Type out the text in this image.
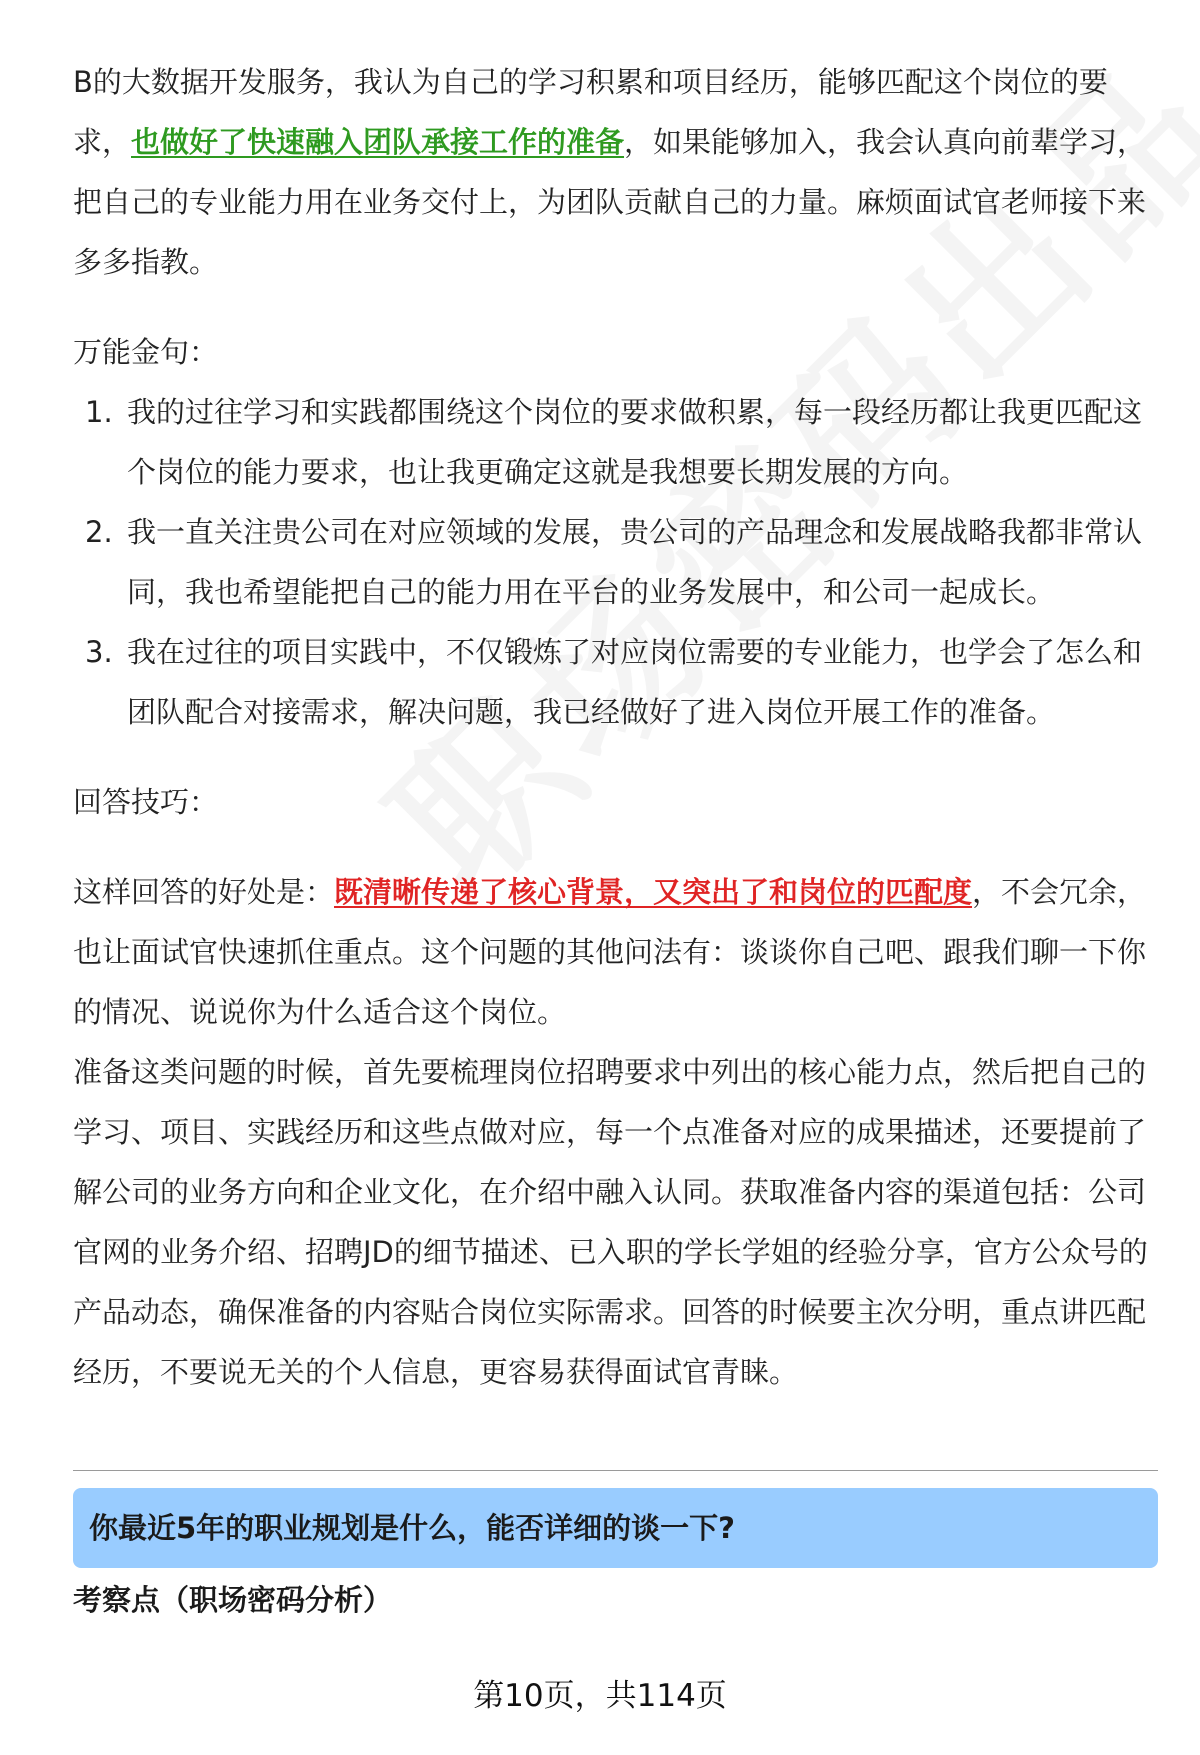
B的大数据开发服务，我认为自己的学习积累和项目经历，能够匹配这个岗位的要求，也做好了快速融入团队承接工作的准备，如果能够加入，我会认真向前辈学习，把自己的专业能力用在业务交付上，为团队贡献自己的力量。麻烦面试官老师接下来多多指教。

万能金句：

1. 我的过往学习和实践都围绕这个岗位的要求做积累，每一段经历都让我更匹配这个岗位的能力要求，也让我更确定这就是我想要长期发展的方向。
2. 我一直关注贵公司在对应领域的发展，贵公司的产品理念和发展战略我都非常认同，我也希望能把自己的能力用在平台的业务发展中，和公司一起成长。
3. 我在过往的项目实践中，不仅锻炼了对应岗位需要的专业能力，也学会了怎么和团队配合对接需求，解决问题，我已经做好了进入岗位开展工作的准备。

回答技巧：

这样回答的好处是：既清晰传递了核心背景，又突出了和岗位的匹配度，不会冗余，也让面试官快速抓住重点。这个问题的其他问法有：谈谈你自己吧、跟我们聊一下你的情况、说说你为什么适合这个岗位。

准备这类问题的时候，首先要梳理岗位招聘要求中列出的核心能力点，然后把自己的学习、项目、实践经历和这些点做对应，每一个点准备对应的成果描述，还要提前了解公司的业务方向和企业文化，在介绍中融入认同。获取准备内容的渠道包括：公司官网的业务介绍、招聘JD的细节描述、已入职的学长学姐的经验分享，官方公众号的产品动态，确保准备的内容贴合岗位实际需求。回答的时候要主次分明，重点讲匹配经历，不要说无关的个人信息，更容易获得面试官青睐。

你最近5年的职业规划是什么，能否详细的谈一下?
考察点（职场密码分析）
第10页，共114页
